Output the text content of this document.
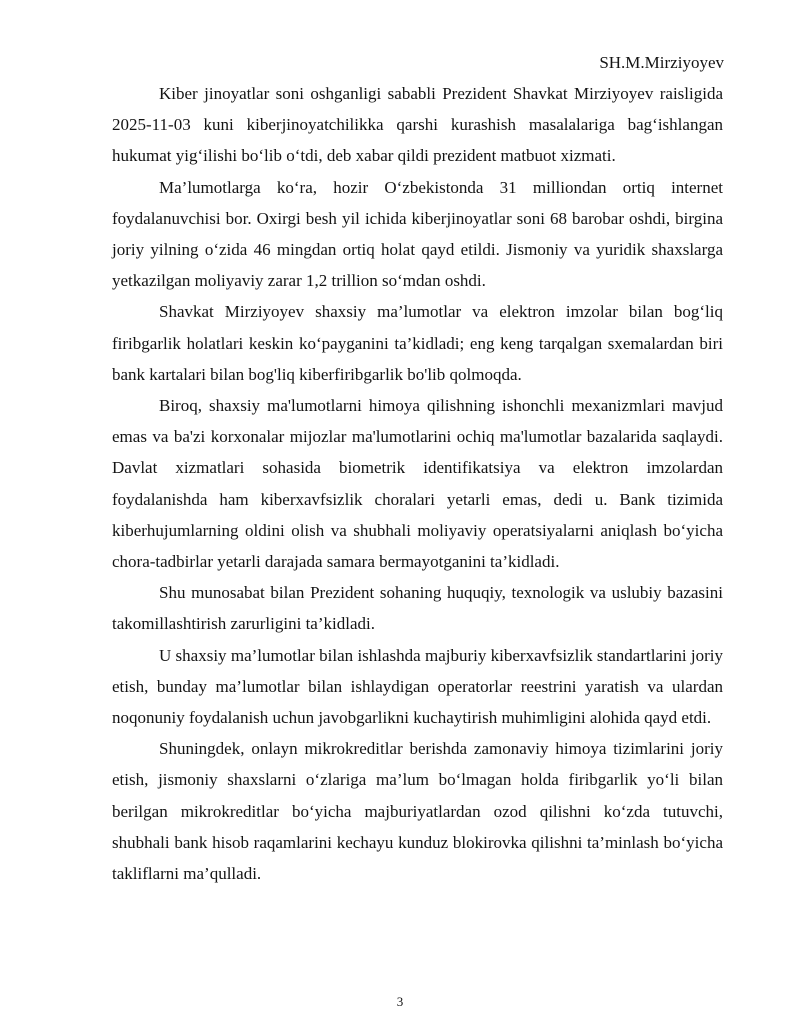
SH.M.Mirziyoyev

Kiber jinoyatlar soni oshganligi sababli Prezident Shavkat Mirziyoyev raisligida 2025-11-03 kuni kiberjinoyatchilikka qarshi kurashish masalalariga bag‘ishlangan hukumat yig‘ilishi bo‘lib o‘tdi, deb xabar qildi prezident matbuot xizmati.

Ma’lumotlarga ko‘ra, hozir O‘zbekistonda 31 milliondan ortiq internet foydalanuvchisi bor. Oxirgi besh yil ichida kiberjinoyatlar soni 68 barobar oshdi, birgina joriy yilning o‘zida 46 mingdan ortiq holat qayd etildi. Jismoniy va yuridik shaxslarga yetkazilgan moliyaviy zarar 1,2 trillion so‘mdan oshdi.

Shavkat Mirziyoyev shaxsiy ma’lumotlar va elektron imzolar bilan bog‘liq firibgarlik holatlari keskin ko‘payganini ta’kidladi; eng keng tarqalgan sxemalardan biri bank kartalari bilan bog'liq kiberfiribgarlik bo'lib qolmoqda.

Biroq, shaxsiy ma'lumotlarni himoya qilishning ishonchli mexanizmlari mavjud emas va ba'zi korxonalar mijozlar ma'lumotlarini ochiq ma'lumotlar bazalarida saqlaydi. Davlat xizmatlari sohasida biometrik identifikatsiya va elektron imzolardan foydalanishda ham kiberxavfsizlik choralari yetarli emas, dedi u. Bank tizimida kiberhujumlarning oldini olish va shubhali moliyaviy operatsiyalarni aniqlash bo‘yicha chora-tadbirlar yetarli darajada samara bermayotganini ta’kidladi.

Shu munosabat bilan Prezident sohaning huquqiy, texnologik va uslubiy bazasini takomillashtirish zarurligini ta’kidladi.

U shaxsiy ma’lumotlar bilan ishlashda majburiy kiberxavfsizlik standartlarini joriy etish, bunday ma’lumotlar bilan ishlaydigan operatorlar reestrini yaratish va ulardan noqonuniy foydalanish uchun javobgarlikni kuchaytirish muhimligini alohida qayd etdi.

Shuningdek, onlayn mikrokreditlar berishda zamonaviy himoya tizimlarini joriy etish, jismoniy shaxslarni o‘zlariga ma’lum bo‘lmagan holda firibgarlik yo‘li bilan berilgan mikrokreditlar bo‘yicha majburiyatlardan ozod qilishni ko‘zda tutuvchi, shubhali bank hisob raqamlarini kechayu kunduz blokirovka qilishni ta’minlash bo‘yicha takliflarni ma’qulladi.

3
